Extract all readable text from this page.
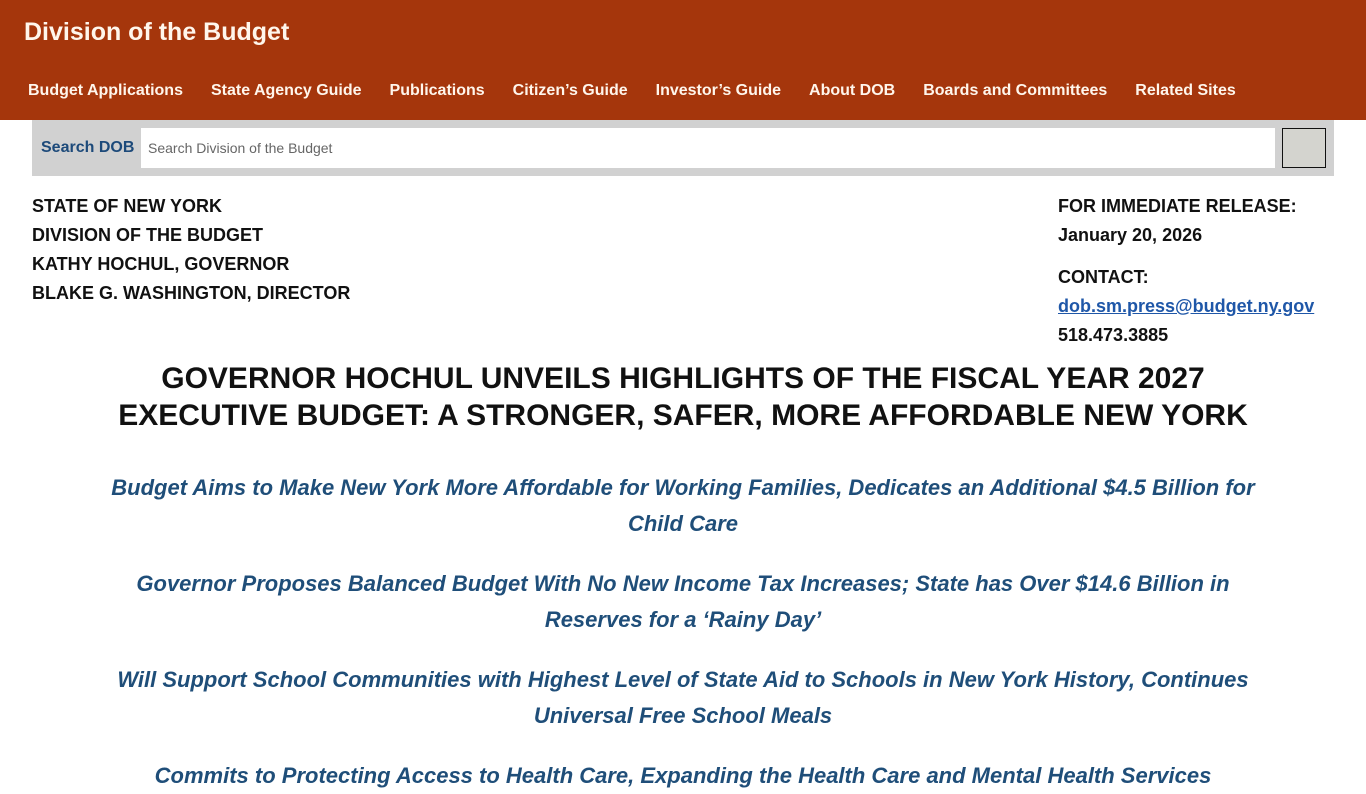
Division of the Budget
Budget Applications	State Agency Guide	Publications	Citizen’s Guide	Investor’s Guide	About DOB	Boards and Committees	Related Sites
Search DOB
Search Division of the Budget
STATE OF NEW YORK
DIVISION OF THE BUDGET
KATHY HOCHUL, GOVERNOR
BLAKE G. WASHINGTON, DIRECTOR
FOR IMMEDIATE RELEASE:
January 20, 2026
CONTACT:
dob.sm.press@budget.ny.gov
518.473.3885
GOVERNOR HOCHUL UNVEILS HIGHLIGHTS OF THE FISCAL YEAR 2027
EXECUTIVE BUDGET: A STRONGER, SAFER, MORE AFFORDABLE NEW YORK

Budget Aims to Make New York More Affordable for Working Families, Dedicates an Additional $4.5 Billion for Child Care

Governor Proposes Balanced Budget With No New Income Tax Increases; State has Over $14.6 Billion in Reserves for a ‘Rainy Day’

Will Support School Communities with Highest Level of State Aid to Schools in New York History, Continues Universal Free School Meals

Commits to Protecting Access to Health Care, Expanding the Health Care and Mental Health Services
